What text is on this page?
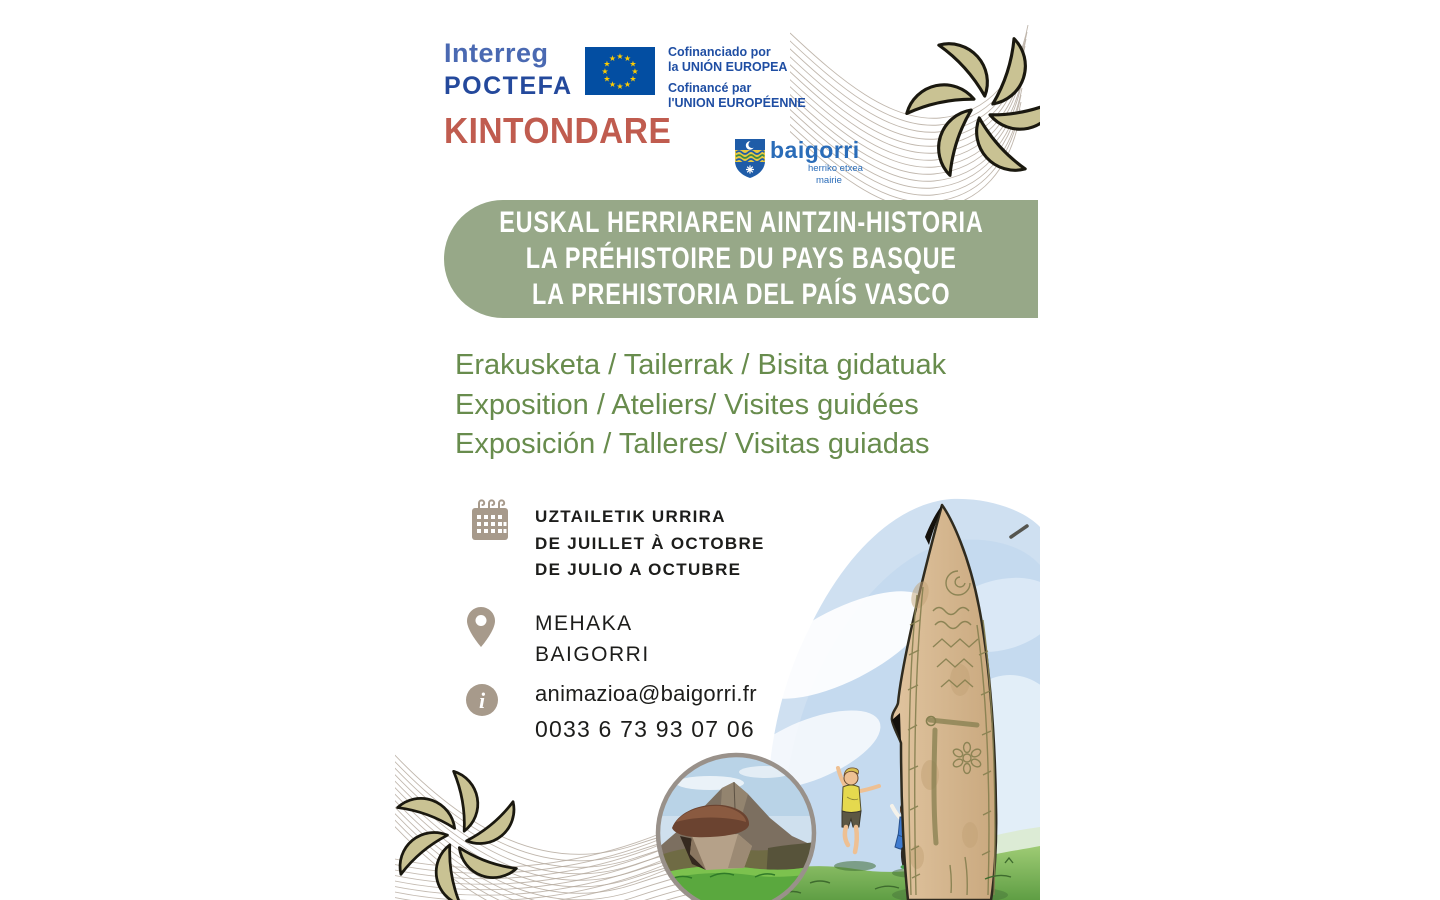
Interreg
POCTEFA
★ ★
★
★
★
★
★
★
★
★
★
★	Cofinanciado por
la UNIÓN EUROPEA

Cofinancé par
l'UNION EUROPÉENNE

KINTONDARE	baigorri
herriko etxea
mairie
EUSKAL HERRIAREN AINTZIN-HISTORIA
LA PRÉHISTOIRE DU PAYS BASQUE
LA PREHISTORIA DEL PAÍS VASCO
Erakusketa / Tailerrak / Bisita gidatuak
Exposition / Ateliers/ Visites guidées
Exposición / Talleres/ Visitas guiadas
UZTAILETIK URRIRA
DE JUILLET À OCTOBRE
DE JULIO A OCTUBRE
MEHAKA
BAIGORRI
i animazioa@baigorri.fr
0033 6 73 93 07 06
